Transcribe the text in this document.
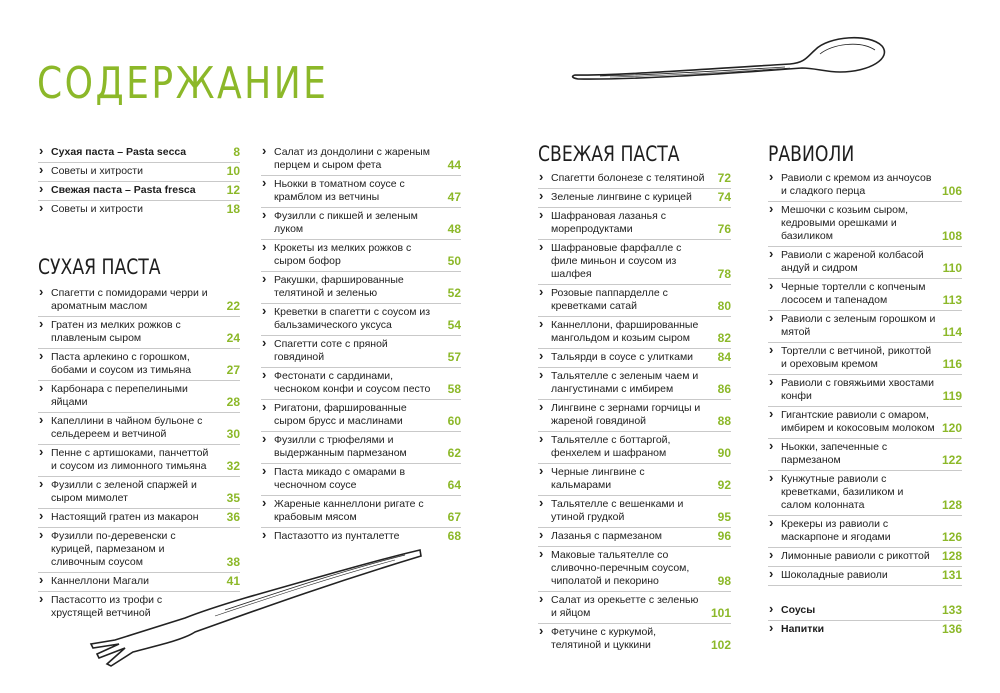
СОДЕРЖАНИЕ
› Сухая паста – Pasta secca	8
› Советы и хитрости	10
› Свежая паста – Pasta fresca	12
› Советы и хитрости	18
СУХАЯ ПАСТА
› Спагетти с помидорами черри и ароматным маслом	22
› Гратен из мелких рожков с плавленым сыром	24
› Паста арлекино с горошком, бобами и соусом из тимьяна	27
› Карбонара с перепелиными яйцами	28
› Капеллини в чайном бульоне с сельдереем и ветчиной	30
› Пенне с артишоками, панчеттой и соусом из лимонного тимьяна	32
› Фузилли с зеленой спаржей и сыром мимолет	35
› Настоящий гратен из макарон	36
› Фузилли по-деревенски с курицей, пармезаном и сливочным соусом	38
› Каннеллони Магали	41
› Пастасотто из трофи с хрустящей ветчиной
› Салат из дондолини с жареным перцем и сыром фета	44
› Ньокки в томатном соусе с крамблом из ветчины	47
› Фузилли с пикшей и зеленым луком	48
› Крокеты из мелких рожков с сыром бофор	50
› Ракушки, фаршированные телятиной и зеленью	52
› Креветки в спагетти с соусом из бальзамического уксуса	54
› Спагетти соте с пряной говядиной	57
› Фестонати с сардинами, чесноком конфи и соусом песто	58
› Ригатони, фаршированные сыром брусс и маслинами	60
› Фузилли с трюфелями и выдержанным пармезаном	62
› Паста микадо с омарами в чесночном соусе	64
› Жареные каннеллони ригате с крабовым мясом	67
› Пастазотто из пунталетте	68
СВЕЖАЯ ПАСТА
› Спагетти болонезе с телятиной	72
› Зеленые лингвине с курицей	74
› Шафрановая лазанья с морепродуктами	76
› Шафрановые фарфалле с филе миньон и соусом из шалфея	78
› Розовые паппарделле с креветками сатай	80
› Каннеллони, фаршированные мангольдом и козьим сыром	82
› Тальярди в соусе с улитками	84
› Тальятелле с зеленым чаем и лангустинами с имбирем	86
› Лингвине с зернами горчицы и жареной говядиной	88
› Тальятелле с боттаргой, фенхелем и шафраном	90
› Черные лингвине с кальмарами	92
› Тальятелле с вешенками и утиной грудкой	95
› Лазанья с пармезаном	96
› Маковые тальятелле со сливочно-перечным соусом, чиполатой и пекорино	98
› Салат из орекьетте с зеленью и яйцом	101
› Фетучине с куркумой, телятиной и цуккини	102
РАВИОЛИ
› Равиоли с кремом из анчоусов и сладкого перца	106
› Мешочки с козьим сыром, кедровыми орешками и базиликом	108
› Равиоли с жареной колбасой андуй и сидром	110
› Черные тортелли с копченым лососем и тапенадом	113
› Равиоли с зеленым горошком и мятой	114
› Тортелли с ветчиной, рикоттой и ореховым кремом	116
› Равиоли с говяжьими хвостами конфи	119
› Гигантские равиоли с омаром, имбирем и кокосовым молоком 120
› Ньокки, запеченные с пармезаном	122
› Кунжутные равиоли с креветками, базиликом и салом колонната	128
› Крекеры из равиоли с маскарпоне и ягодами	126
› Лимонные равиоли с рикоттой	128
› Шоколадные равиоли	131
› Соусы	133
› Напитки	136
